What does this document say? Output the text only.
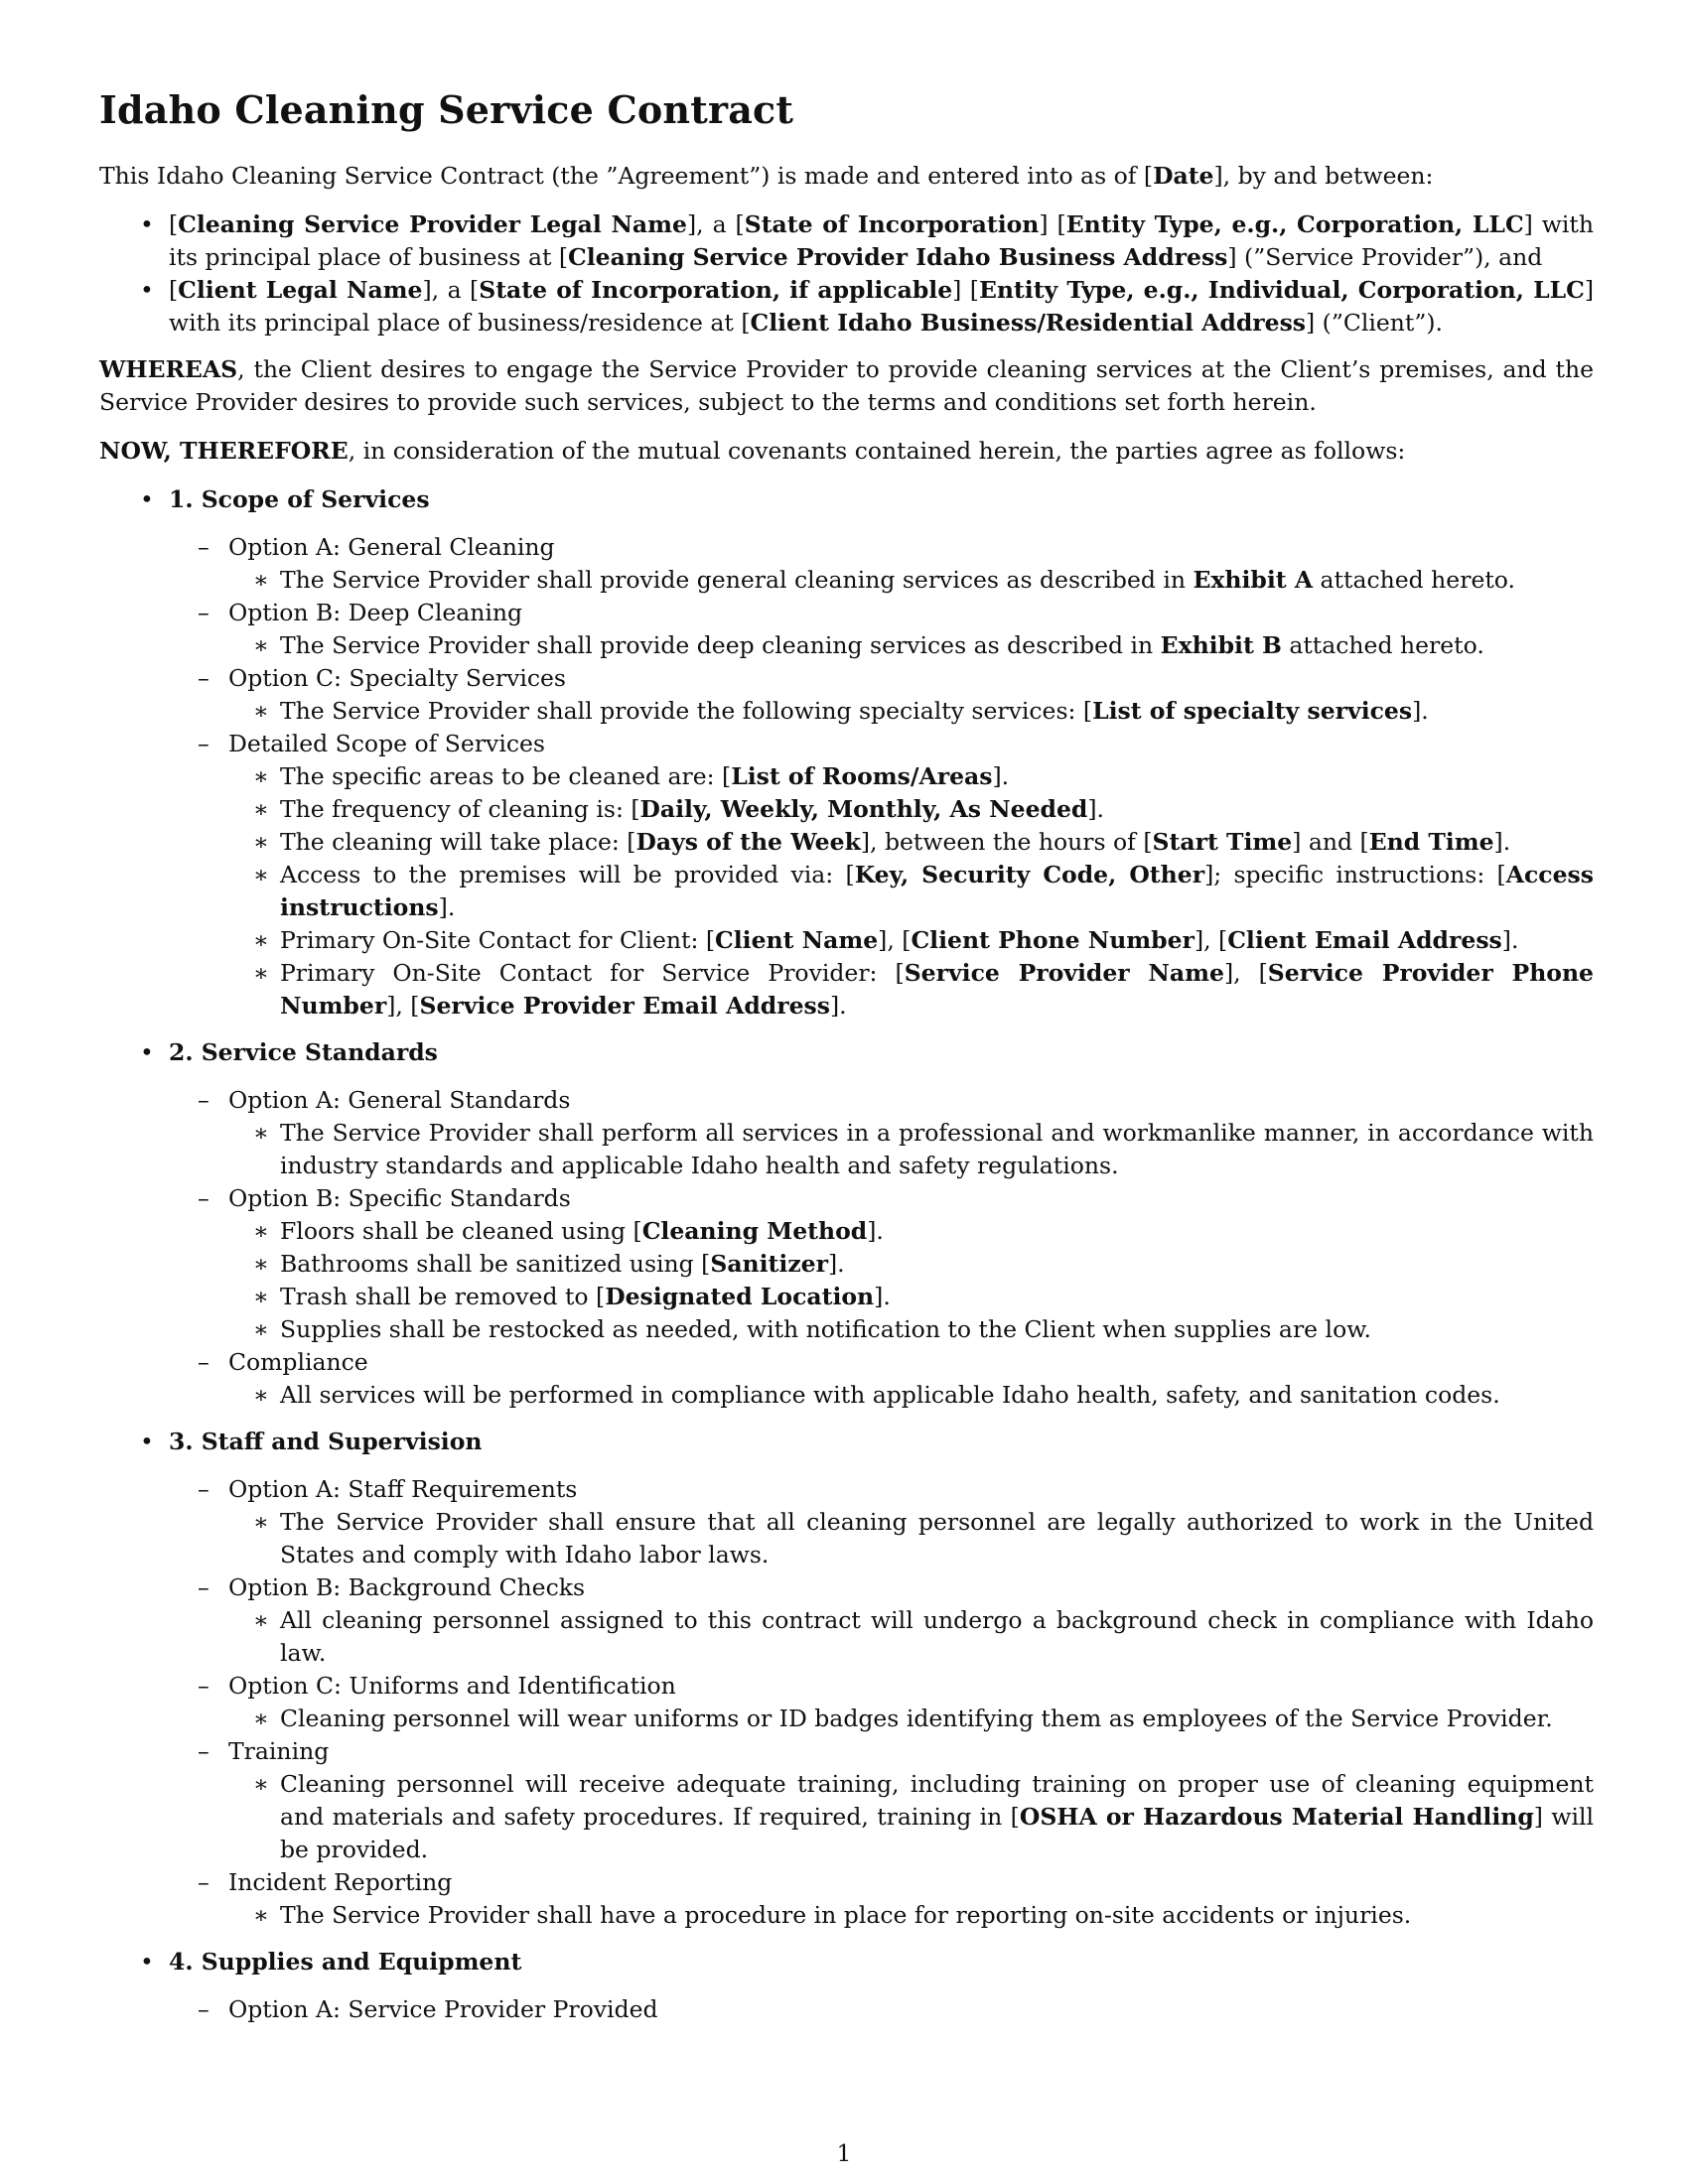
Idaho Cleaning Service Contract

This Idaho Cleaning Service Contract (the ”Agreement”) is made and entered into as of [Date], by and between:

• [Cleaning Service Provider Legal Name], a [State of Incorporation] [Entity Type, e.g., Corporation, LLC] with its principal place of business at [Cleaning Service Provider Idaho Business Address] (”Service Provider”), and
• [Client Legal Name], a [State of Incorporation, if applicable] [Entity Type, e.g., Individual, Corporation, LLC] with its principal place of business/residence at [Client Idaho Business/Residential Address] (”Client”).

WHEREAS, the Client desires to engage the Service Provider to provide cleaning services at the Client’s premises, and the Service Provider desires to provide such services, subject to the terms and conditions set forth herein.

NOW, THEREFORE, in consideration of the mutual covenants contained herein, the parties agree as follows:

• 1. Scope of Services
– Option A: General Cleaning
∗ The Service Provider shall provide general cleaning services as described in Exhibit A attached hereto.
– Option B: Deep Cleaning
∗ The Service Provider shall provide deep cleaning services as described in Exhibit B attached hereto.
– Option C: Specialty Services
∗ The Service Provider shall provide the following specialty services: [List of specialty services].
– Detailed Scope of Services
∗ The specific areas to be cleaned are: [List of Rooms/Areas].
∗ The frequency of cleaning is: [Daily, Weekly, Monthly, As Needed].
∗ The cleaning will take place: [Days of the Week], between the hours of [Start Time] and [End Time].
∗ Access to the premises will be provided via: [Key, Security Code, Other]; specific instructions: [Access instructions].
∗ Primary On-Site Contact for Client: [Client Name], [Client Phone Number], [Client Email Address].
∗ Primary On-Site Contact for Service Provider: [Service Provider Name], [Service Provider Phone Number], [Service Provider Email Address].
• 2. Service Standards
– Option A: General Standards
∗ The Service Provider shall perform all services in a professional and workmanlike manner, in accordance with industry standards and applicable Idaho health and safety regulations.
– Option B: Specific Standards
∗ Floors shall be cleaned using [Cleaning Method].
∗ Bathrooms shall be sanitized using [Sanitizer].
∗ Trash shall be removed to [Designated Location].
∗ Supplies shall be restocked as needed, with notification to the Client when supplies are low.
– Compliance
∗ All services will be performed in compliance with applicable Idaho health, safety, and sanitation codes.
• 3. Staff and Supervision
– Option A: Staff Requirements
∗ The Service Provider shall ensure that all cleaning personnel are legally authorized to work in the United States and comply with Idaho labor laws.
– Option B: Background Checks
∗ All cleaning personnel assigned to this contract will undergo a background check in compliance with Idaho law.
– Option C: Uniforms and Identification
∗ Cleaning personnel will wear uniforms or ID badges identifying them as employees of the Service Provider.
– Training
∗ Cleaning personnel will receive adequate training, including training on proper use of cleaning equipment and materials and safety procedures. If required, training in [OSHA or Hazardous Material Handling] will be provided.
– Incident Reporting
∗ The Service Provider shall have a procedure in place for reporting on-site accidents or injuries.
• 4. Supplies and Equipment
– Option A: Service Provider Provided
1
